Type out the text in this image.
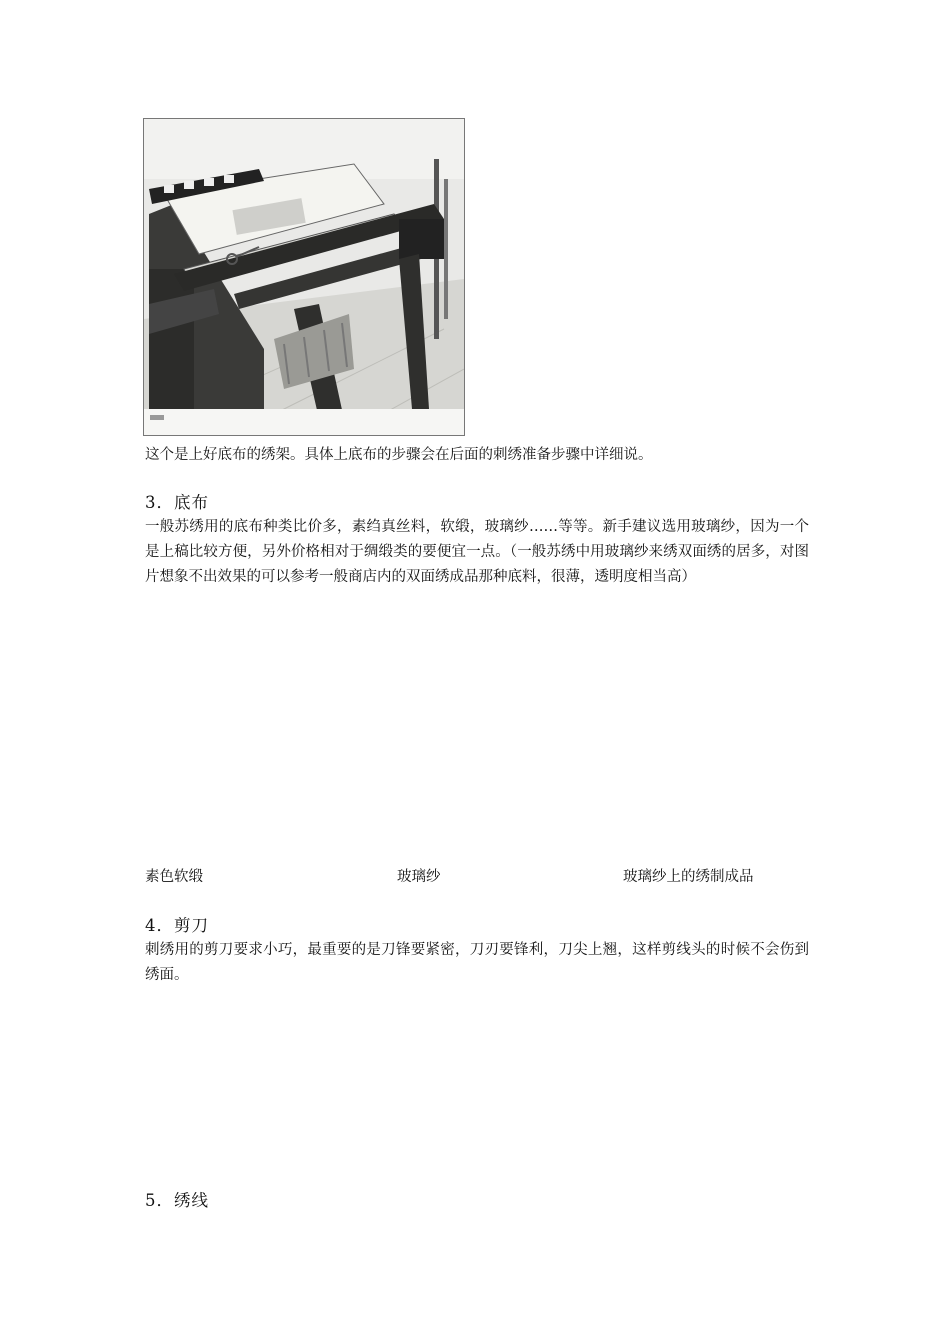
这个是上好底布的绣架。具体上底布的步骤会在后面的刺绣准备步骤中详细说。
3．底布
一般苏绣用的底布种类比价多，素绉真丝料，软缎，玻璃纱……等等。新手建议选用玻璃纱，因为一个是上稿比较方便，另外价格相对于绸缎类的要便宜一点。（一般苏绣中用玻璃纱来绣双面绣的居多，对图片想象不出效果的可以参考一般商店内的双面绣成品那种底料，很薄，透明度相当高）
素色软缎	玻璃纱	玻璃纱上的绣制成品
4．剪刀
刺绣用的剪刀要求小巧，最重要的是刀锋要紧密，刀刃要锋利，刀尖上翘，这样剪线头的时候不会伤到绣面。
5．绣线
